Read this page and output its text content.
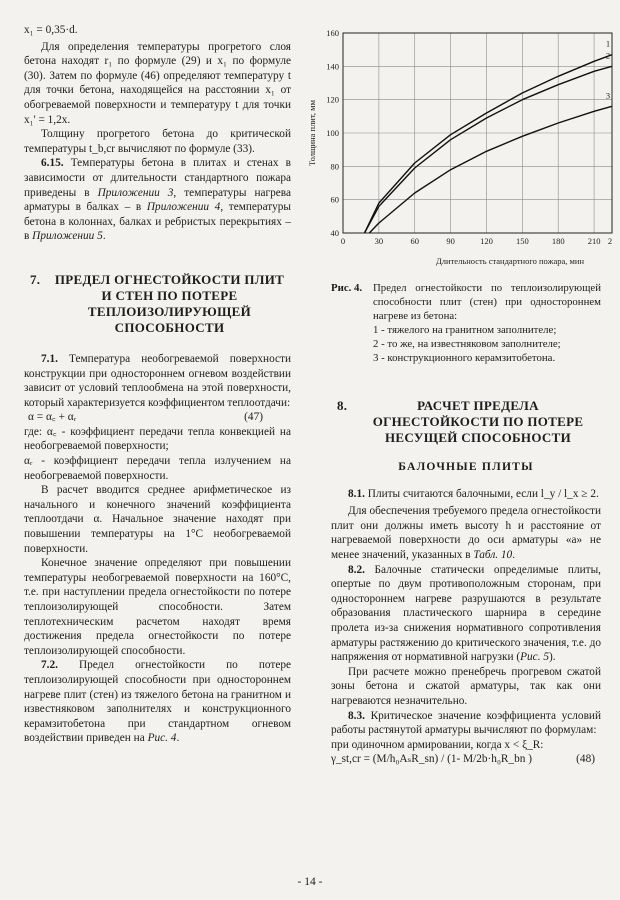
x₁ = 0,35·d.

Для определения температуры прогретого слоя бетона находят r₁ по формуле (29) и x₁ по формуле (30). Затем по формуле (46) определяют температуру t для точки бетона, находящейся на расстоянии x₁ от обогреваемой поверхности и температуру t для точки x₁' = 1,2x.

Толщину прогретого бетона до критической температуры t_b,cr вычисляют по формуле (33).

6.15. Температуры бетона в плитах и стенах в зависимости от длительности стандартного пожара приведены в Приложении 3, температуры нагрева арматуры в балках – в Приложении 4, температуры бетона в колоннах, балках и ребристых перекрытиях – в Приложении 5.

7. ПРЕДЕЛ ОГНЕСТОЙКОСТИ ПЛИТ И СТЕН ПО ПОТЕРЕ ТЕПЛОИЗОЛИРУЮЩЕЙ СПОСОБНОСТИ

7.1. Температура необогреваемой поверхности конструкции при одностороннем огневом воздействии зависит от условий теплообмена на этой поверхности, который характеризуется коэффициентом теплоотдачи:

α = α꜀ + αᵣ	(47)

где: α꜀ - коэффициент передачи тепла конвекцией на необогреваемой поверхности;

αᵣ - коэффициент передачи тепла излучением на необогреваемой поверхности.

В расчет вводится среднее арифметическое из начального и конечного значений коэффициента теплоотдачи α. Начальное значение находят при повышении температуры на 1°С необогреваемой поверхности.

Конечное значение определяют при повышении температуры необогреваемой поверхности на 160°С, т.е. при наступлении предела огнестойкости по потере теплоизолирующей способности. Затем теплотехническим расчетом находят время достижения предела огнестойкости по потере теплоизолирующей способности.

7.2. Предел огнестойкости по потере теплоизолирующей способности при одностороннем нагреве плит (стен) из тяжелого бетона на гранитном и известняковом заполнителях и конструкционного керамзитобетона при стандартном огневом воздействии приведен на Рис. 4.

0	30	60	90	120	150	180	210 2
40
60
80
100
120
140
160
1
2
3
Толщина плит, мм
Длительность стандартного пожара, мин
Рис. 4.	Предел огнестойкости по теплоизолирующей способности плит (стен) при одностороннем нагреве из бетона:
1 - тяжелого на гранитном заполнителе;
2 - то же, на известняковом заполнителе;
3 - конструкционного керамзитобетона.
8.	РАСЧЕТ ПРЕДЕЛА ОГНЕСТОЙКОСТИ ПО ПОТЕРЕ НЕСУЩЕЙ СПОСОБНОСТИ
БАЛОЧНЫЕ ПЛИТЫ

8.1. Плиты считаются балочными, если l_y / l_x ≥ 2.

Для обеспечения требуемого предела огнестойкости плит они должны иметь высоту h и расстояние от нагреваемой поверхности до оси арматуры «a» не менее значений, указанных в Табл. 10.

8.2. Балочные статически определимые плиты, опертые по двум противоположным сторонам, при одностороннем нагреве разрушаются в результате образования пластического шарнира в середине пролета из-за снижения нормативного сопротивления арматуры растяжению до критического значения, т.е. до напряжения от нормативной нагрузки (Рис. 5).

При расчете можно пренебречь прогревом сжатой зоны бетона и сжатой арматуры, так как они нагреваются незначительно.

8.3. Критическое значение коэффициента условий работы растянутой арматуры вычисляют по формулам:

при одиночном армировании, когда x < ξ_R:

γ_st,cr = (M/h₀AₛR_sn) / (1- M/2b·h₀R_bn )	(48)
- 14 -
